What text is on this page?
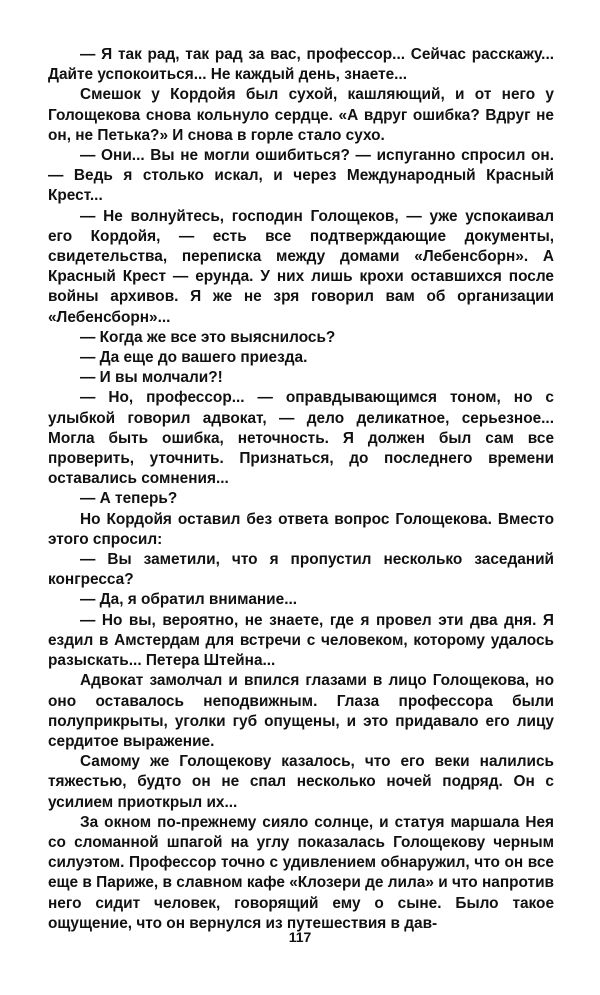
— Я так рад, так рад за вас, профессор... Сейчас расскажу... Дайте успокоиться... Не каждый день, знаете...

Смешок у Кордойя был сухой, кашляющий, и от него у Голощекова снова кольнуло сердце. «А вдруг ошибка? Вдруг не он, не Петька?» И снова в горле стало сухо.

— Они... Вы не могли ошибиться? — испуганно спросил он. — Ведь я столько искал, и через Международный Красный Крест...

— Не волнуйтесь, господин Голощеков, — уже успокаивал его Кордойя, — есть все подтверждающие документы, свидетельства, переписка между домами «Лебенсборн». А Красный Крест — ерунда. У них лишь крохи оставшихся после войны архивов. Я же не зря говорил вам об организации «Лебенсборн»...

— Когда же все это выяснилось?

— Да еще до вашего приезда.

— И вы молчали?!

— Но, профессор... — оправдывающимся тоном, но с улыбкой говорил адвокат, — дело деликатное, серьезное... Могла быть ошибка, неточность. Я должен был сам все проверить, уточнить. Признаться, до последнего времени оставались сомнения...

— А теперь?

Но Кордойя оставил без ответа вопрос Голощекова. Вместо этого спросил:

— Вы заметили, что я пропустил несколько заседаний конгресса?

— Да, я обратил внимание...

— Но вы, вероятно, не знаете, где я провел эти два дня. Я ездил в Амстердам для встречи с человеком, которому удалось разыскать... Петера Штейна...

Адвокат замолчал и впился глазами в лицо Голощекова, но оно оставалось неподвижным. Глаза профессора были полуприкрыты, уголки губ опущены, и это придавало его лицу сердитое выражение.

Самому же Голощекову казалось, что его веки налились тяжестью, будто он не спал несколько ночей подряд. Он с усилием приоткрыл их...

За окном по-прежнему сияло солнце, и статуя маршала Нея со сломанной шпагой на углу показалась Голощекову черным силуэтом. Профессор точно с удивлением обнаружил, что он все еще в Париже, в славном кафе «Клозери де лила» и что напротив него сидит человек, говорящий ему о сыне. Было такое ощущение, что он вернулся из путешествия в дав-

117
